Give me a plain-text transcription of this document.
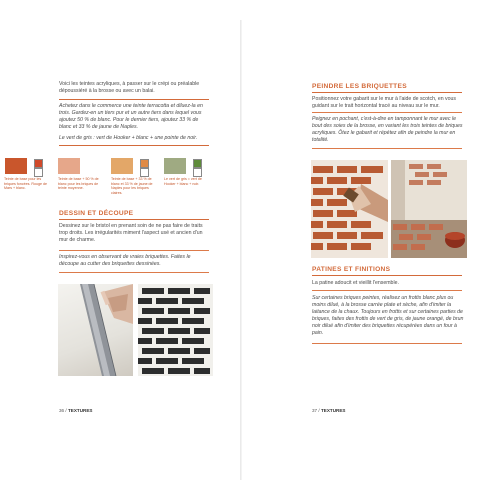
Voici les teintes acryliques, à passer sur le crépi ou préalable dépoussiéré à la brosse ou avec un balai.
Achetez dans le commerce une teinte terracotta et diluez-la en trois. Gardez-en un tiers pur et un autre tiers dans lequel vous ajoutez 50 % de blanc. Pour le dernier tiers, ajoutez 33 % de blanc et 33 % de jaune de Naples.
Le vert de gris : vert de Hooker + blanc + une pointe de noir.
Teinte de base pour les briques foncées. Rouge de Mars + blanc.
Teinte de base + 50 % de blanc pour les briques de teinte moyenne.
Teinte de base + 33 % de blanc et 33 % de jaune de Naples pour les briques claires.
Le vert de gris = vert de Hooker + blanc + noir.
DESSIN ET DÉCOUPE
Dessinez sur le bristol en prenant soin de ne pas faire de traits trop droits. Les irrégularités miment l'aspect usé et ancien d'un mur de charme.
Inspirez-vous en observant de vraies briquettes. Faites le découpe au cutter des briquettes dessinées.
36 / TEXTURES
PEINDRE LES BRIQUETTES
Positionnez votre gabarit sur le mur à l'aide de scotch, en vous guidant sur le trait horizontal tracé au niveau sur le mur.
Peignez en pochant, c'est-à-dire en tamponnant le mur avec le bout des soies de la brosse, en variant les trois teintes de briques acryliques. Ôtez le gabarit et répétez afin de peindre la mur en totalité.
PATINES ET FINITIONS
La patine adoucit et vieillit l'ensemble.
Sur certaines briques peintes, réalisez un frottis blanc plus ou moins dilué, à la brosse carrée plate et sèche, afin d'imiter la laitance de la chaux. Toujours en frottis et sur certaines parties de briques, faites des frottis de vert de gris, de jaune orangé, de brun noir dilué afin d'imiter des briquettes récupérées dans un four à pain.
37 / TEXTURES
